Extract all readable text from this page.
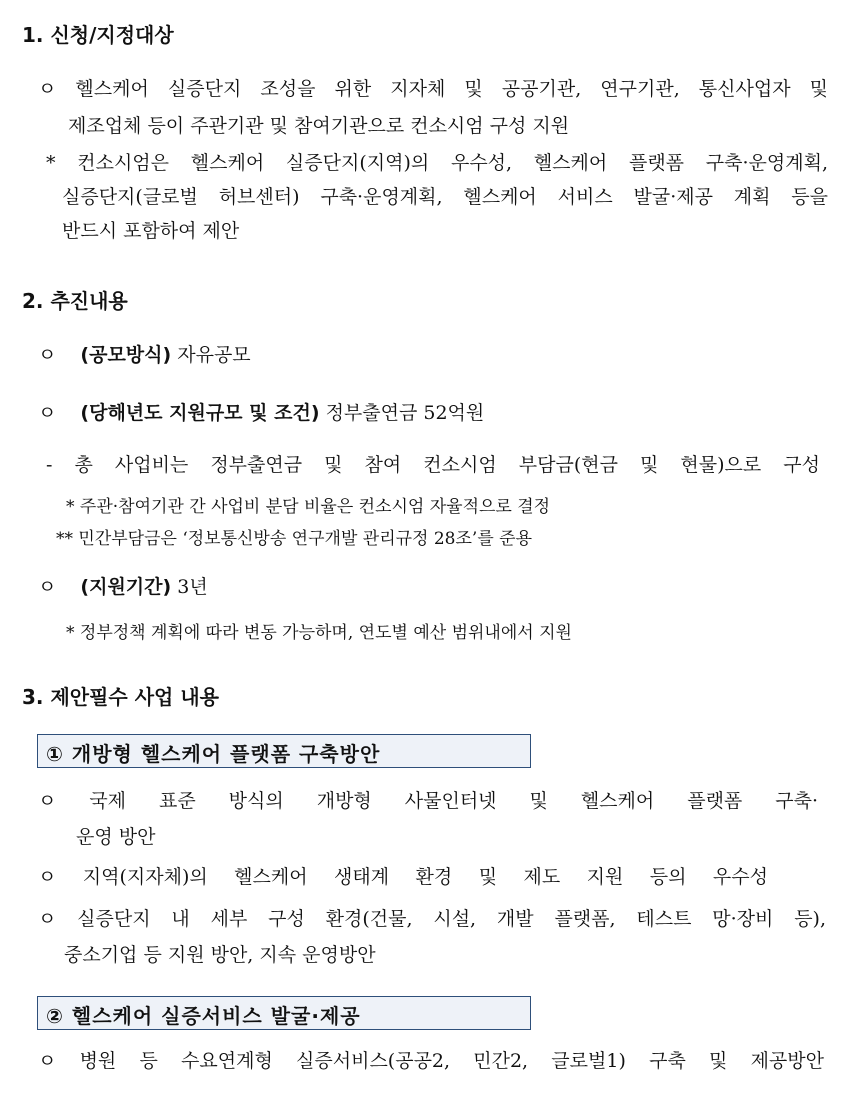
1. 신청/지정대상
ㅇ 헬스케어 실증단지 조성을 위한 지자체 및 공공기관, 연구기관, 통신사업자 및
제조업체 등이 주관기관 및 참여기관으로 컨소시엄 구성 지원
* 컨소시엄은 헬스케어 실증단지(지역)의 우수성, 헬스케어 플랫폼 구축·운영계획,
실증단지(글로벌 허브센터) 구축·운영계획, 헬스케어 서비스 발굴·제공 계획 등을
반드시 포함하여 제안
2. 추진내용
ㅇ (공모방식) 자유공모
ㅇ (당해년도 지원규모 및 조건) 정부출연금 52억원
- 총 사업비는 정부출연금 및 참여 컨소시엄 부담금(현금 및 현물)으로 구성
* 주관·참여기관 간 사업비 분담 비율은 컨소시엄 자율적으로 결정
** 민간부담금은 ‘정보통신방송 연구개발 관리규정 28조’를 준용
ㅇ (지원기간) 3년
* 정부정책 계획에 따라 변동 가능하며, 연도별 예산 범위내에서 지원
3. 제안필수 사업 내용
① 개방형 헬스케어 플랫폼 구축방안
ㅇ 국제 표준 방식의 개방형 사물인터넷 및 헬스케어 플랫폼 구축·
운영 방안
ㅇ 지역(지자체)의 헬스케어 생태계 환경 및 제도 지원 등의 우수성
ㅇ 실증단지 내 세부 구성 환경(건물, 시설, 개발 플랫폼, 테스트 망·장비 등),
중소기업 등 지원 방안, 지속 운영방안
② 헬스케어 실증서비스 발굴·제공
ㅇ 병원 등 수요연계형 실증서비스(공공2, 민간2, 글로벌1) 구축 및 제공방안
